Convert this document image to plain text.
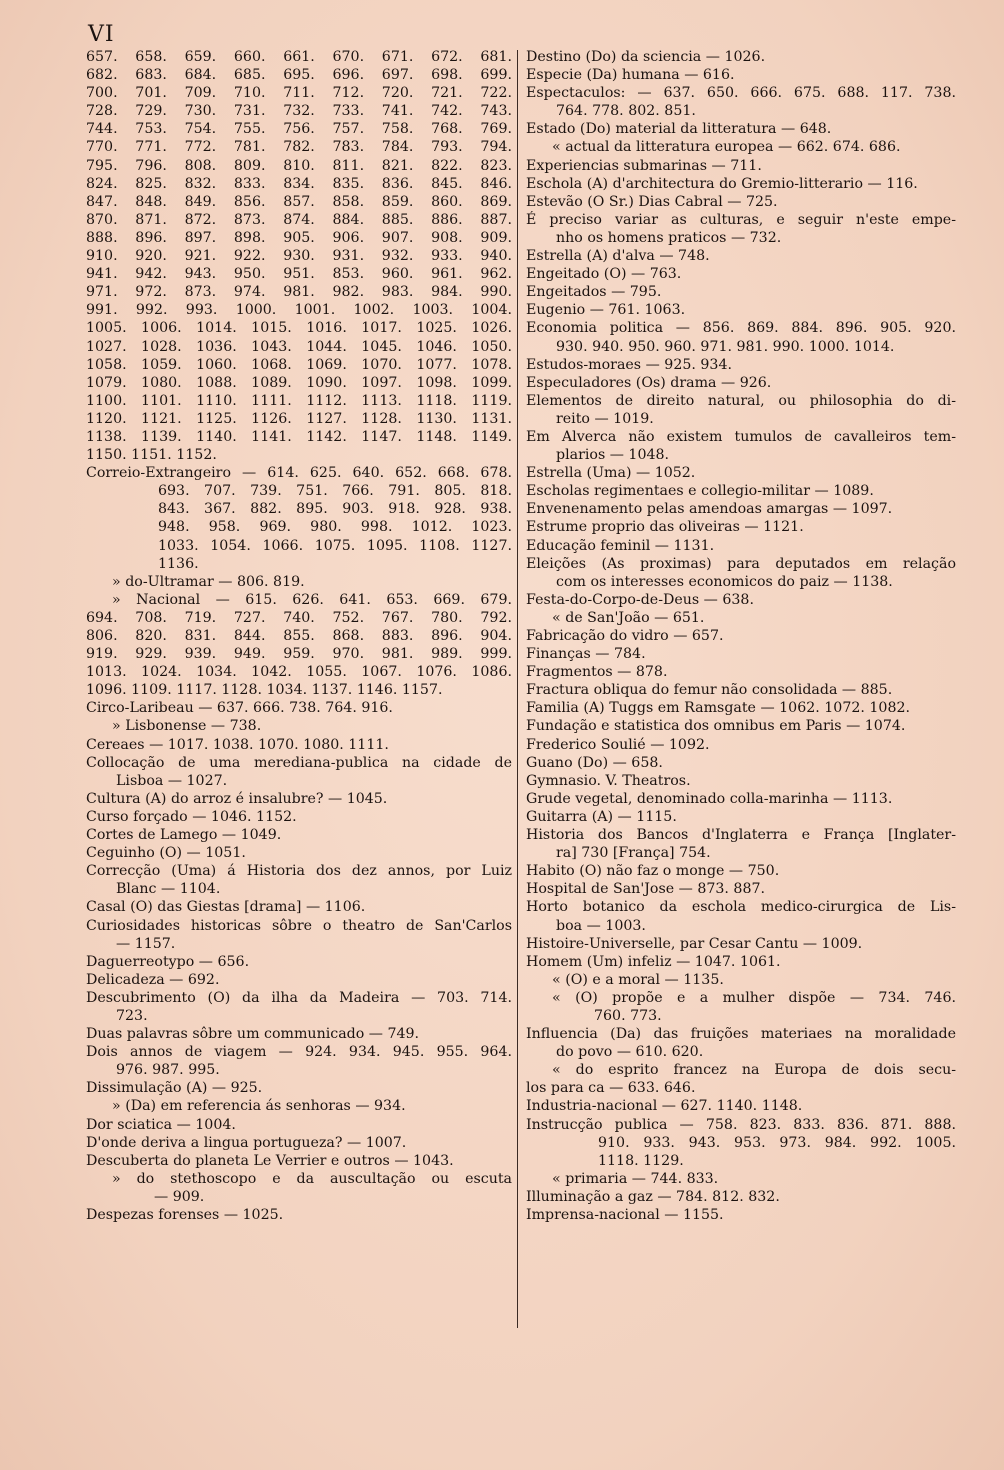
VI
657. 658. 659. 660. 661. 670. 671. 672. 681.
682. 683. 684. 685. 695. 696. 697. 698. 699.
700. 701. 709. 710. 711. 712. 720. 721. 722.
728. 729. 730. 731. 732. 733. 741. 742. 743.
744. 753. 754. 755. 756. 757. 758. 768. 769.
770. 771. 772. 781. 782. 783. 784. 793. 794.
795. 796. 808. 809. 810. 811. 821. 822. 823.
824. 825. 832. 833. 834. 835. 836. 845. 846.
847. 848. 849. 856. 857. 858. 859. 860. 869.
870. 871. 872. 873. 874. 884. 885. 886. 887.
888. 896. 897. 898. 905. 906. 907. 908. 909.
910. 920. 921. 922. 930. 931. 932. 933. 940.
941. 942. 943. 950. 951. 853. 960. 961. 962.
971. 972. 873. 974. 981. 982. 983. 984. 990.
991. 992. 993. 1000. 1001. 1002. 1003. 1004.
1005. 1006. 1014. 1015. 1016. 1017. 1025. 1026.
1027. 1028. 1036. 1043. 1044. 1045. 1046. 1050.
1058. 1059. 1060. 1068. 1069. 1070. 1077. 1078.
1079. 1080. 1088. 1089. 1090. 1097. 1098. 1099.
1100. 1101. 1110. 1111. 1112. 1113. 1118. 1119.
1120. 1121. 1125. 1126. 1127. 1128. 1130. 1131.
1138. 1139. 1140. 1141. 1142. 1147. 1148. 1149.
1150. 1151. 1152.
Correio-Extrangeiro — 614. 625. 640. 652. 668. 678.
693. 707. 739. 751. 766. 791. 805. 818.
843. 367. 882. 895. 903. 918. 928. 938.
948. 958. 969. 980. 998. 1012. 1023.
1033. 1054. 1066. 1075. 1095. 1108. 1127.
1136.
» do-Ultramar — 806. 819.
» Nacional — 615. 626. 641. 653. 669. 679.
694. 708. 719. 727. 740. 752. 767. 780. 792.
806. 820. 831. 844. 855. 868. 883. 896. 904.
919. 929. 939. 949. 959. 970. 981. 989. 999.
1013. 1024. 1034. 1042. 1055. 1067. 1076. 1086.
1096. 1109. 1117. 1128. 1034. 1137. 1146. 1157.
Circo-Laribeau — 637. 666. 738. 764. 916.
» Lisbonense — 738.
Cereaes — 1017. 1038. 1070. 1080. 1111.
Collocação de uma merediana-publica na cidade de
Lisboa — 1027.
Cultura (A) do arroz é insalubre? — 1045.
Curso forçado — 1046. 1152.
Cortes de Lamego — 1049.
Ceguinho (O) — 1051.
Correcção (Uma) á Historia dos dez annos, por Luiz
Blanc — 1104.
Casal (O) das Giestas [drama] — 1106.
Curiosidades historicas sôbre o theatro de San'Carlos
— 1157.
Daguerreotypo — 656.
Delicadeza — 692.
Descubrimento (O) da ilha da Madeira — 703. 714.
723.
Duas palavras sôbre um communicado — 749.
Dois annos de viagem — 924. 934. 945. 955. 964.
976. 987. 995.
Dissimulação (A) — 925.
» (Da) em referencia ás senhoras — 934.
Dor sciatica — 1004.
D'onde deriva a lingua portugueza? — 1007.
Descuberta do planeta Le Verrier e outros — 1043.
» do stethoscopo e da auscultação ou escuta
— 909.
Despezas forenses — 1025.
Destino (Do) da sciencia — 1026.
Especie (Da) humana — 616.
Espectaculos: — 637. 650. 666. 675. 688. 117. 738.
764. 778. 802. 851.
Estado (Do) material da litteratura — 648.
« actual da litteratura europea — 662. 674. 686.
Experiencias submarinas — 711.
Eschola (A) d'architectura do Gremio-litterario — 116.
Estevão (O Sr.) Dias Cabral — 725.
É preciso variar as culturas, e seguir n'este empe-
nho os homens praticos — 732.
Estrella (A) d'alva — 748.
Engeitado (O) — 763.
Engeitados — 795.
Eugenio — 761. 1063.
Economia politica — 856. 869. 884. 896. 905. 920.
930. 940. 950. 960. 971. 981. 990. 1000. 1014.
Estudos-moraes — 925. 934.
Especuladores (Os) drama — 926.
Elementos de direito natural, ou philosophia do di-
reito — 1019.
Em Alverca não existem tumulos de cavalleiros tem-
plarios — 1048.
Estrella (Uma) — 1052.
Escholas regimentaes e collegio-militar — 1089.
Envenenamento pelas amendoas amargas — 1097.
Estrume proprio das oliveiras — 1121.
Educação feminil — 1131.
Eleições (As proximas) para deputados em relação
com os interesses economicos do paiz — 1138.
Festa-do-Corpo-de-Deus — 638.
« de San'João — 651.
Fabricação do vidro — 657.
Finanças — 784.
Fragmentos — 878.
Fractura obliqua do femur não consolidada — 885.
Familia (A) Tuggs em Ramsgate — 1062. 1072. 1082.
Fundação e statistica dos omnibus em Paris — 1074.
Frederico Soulié — 1092.
Guano (Do) — 658.
Gymnasio. V. Theatros.
Grude vegetal, denominado colla-marinha — 1113.
Guitarra (A) — 1115.
Historia dos Bancos d'Inglaterra e França [Inglater-
ra] 730 [França] 754.
Habito (O) não faz o monge — 750.
Hospital de San'Jose — 873. 887.
Horto botanico da eschola medico-cirurgica de Lis-
boa — 1003.
Histoire-Universelle, par Cesar Cantu — 1009.
Homem (Um) infeliz — 1047. 1061.
« (O) e a moral — 1135.
« (O) propõe e a mulher dispõe — 734. 746.
760. 773.
Influencia (Da) das fruições materiaes na moralidade
do povo — 610. 620.
« do esprito francez na Europa de dois secu-
los para ca — 633. 646.
Industria-nacional — 627. 1140. 1148.
Instrucção publica — 758. 823. 833. 836. 871. 888.
910. 933. 943. 953. 973. 984. 992. 1005.
1118. 1129.
« primaria — 744. 833.
Illuminação a gaz — 784. 812. 832.
Imprensa-nacional — 1155.
